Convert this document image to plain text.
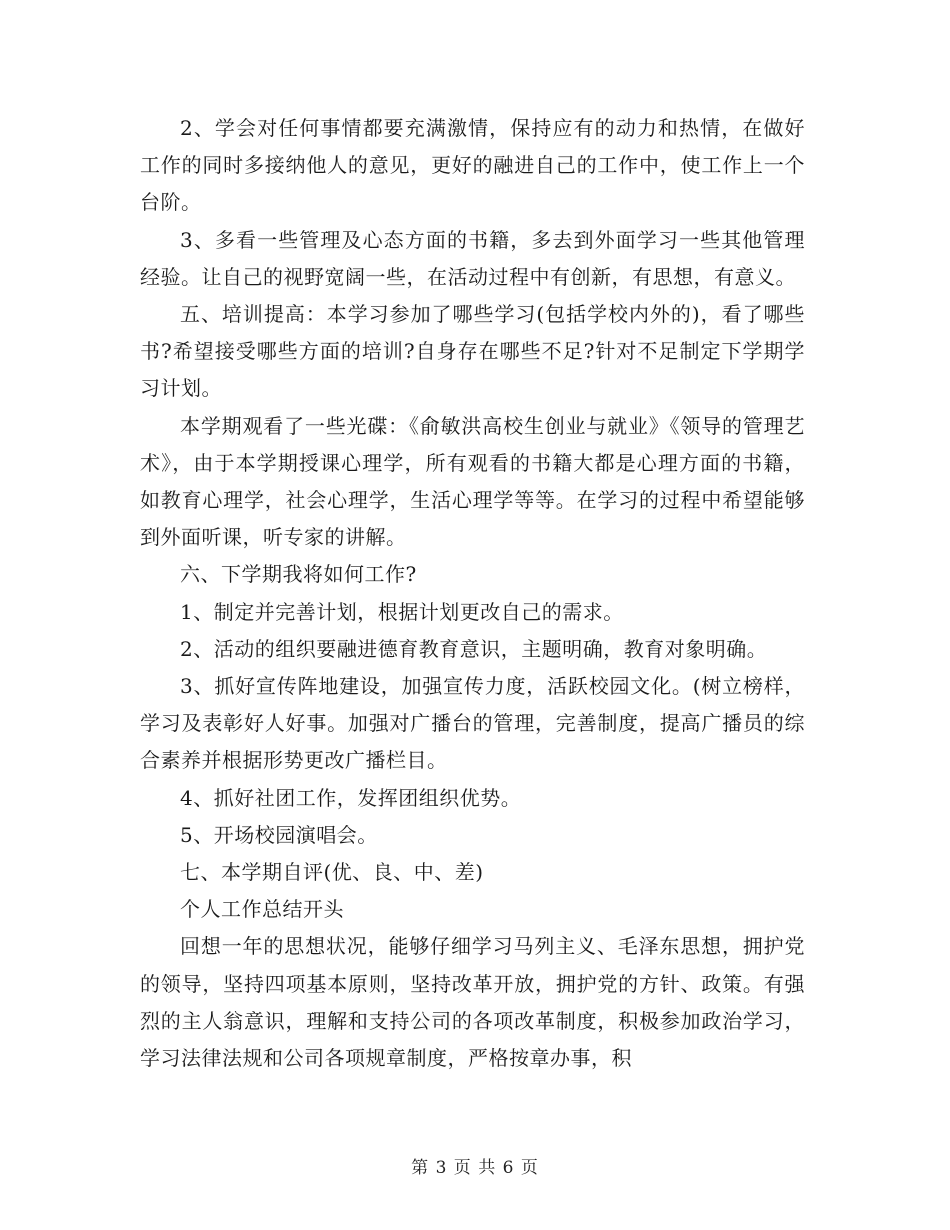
2、学会对任何事情都要充满激情，保持应有的动力和热情，在做好工作的同时多接纳他人的意见，更好的融进自己的工作中，使工作上一个台阶。

3、多看一些管理及心态方面的书籍，多去到外面学习一些其他管理经验。让自己的视野宽阔一些，在活动过程中有创新，有思想，有意义。

五、培训提高：本学习参加了哪些学习(包括学校内外的)，看了哪些书?希望接受哪些方面的培训?自身存在哪些不足?针对不足制定下学期学习计划。

本学期观看了一些光碟：《俞敏洪高校生创业与就业》《领导的管理艺术》，由于本学期授课心理学，所有观看的书籍大都是心理方面的书籍，如教育心理学，社会心理学，生活心理学等等。在学习的过程中希望能够到外面听课，听专家的讲解。

六、下学期我将如何工作?

1、制定并完善计划，根据计划更改自己的需求。

2、活动的组织要融进德育教育意识，主题明确，教育对象明确。

3、抓好宣传阵地建设，加强宣传力度，活跃校园文化。(树立榜样，学习及表彰好人好事。加强对广播台的管理，完善制度，提高广播员的综合素养并根据形势更改广播栏目。

4、抓好社团工作，发挥团组织优势。

5、开场校园演唱会。

七、本学期自评(优、良、中、差)

个人工作总结开头

回想一年的思想状况，能够仔细学习马列主义、毛泽东思想，拥护党的领导，坚持四项基本原则，坚持改革开放，拥护党的方针、政策。有强烈的主人翁意识，理解和支持公司的各项改革制度，积极参加政治学习，学习法律法规和公司各项规章制度，严格按章办事，积

第 3 页 共 6 页
